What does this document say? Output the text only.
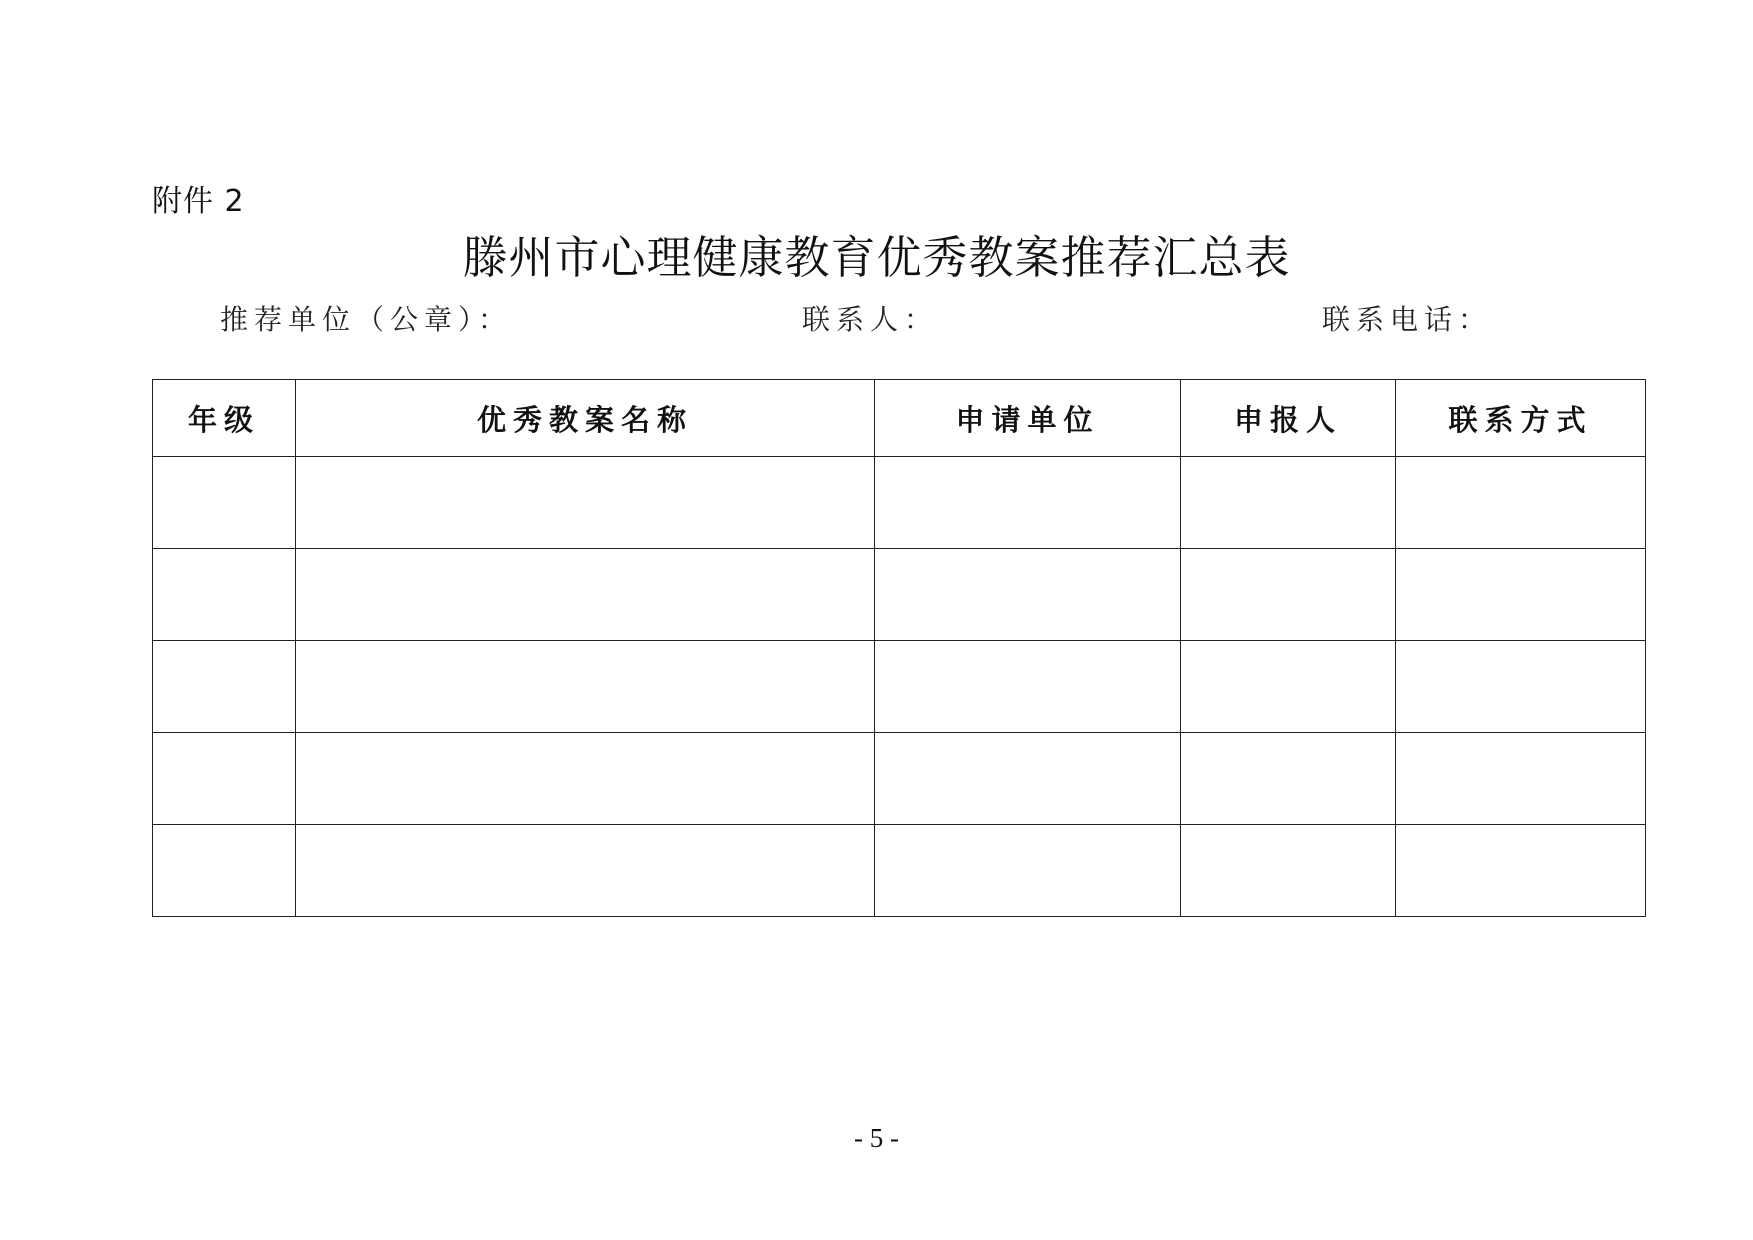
附件 2
滕州市心理健康教育优秀教案推荐汇总表
推荐单位（公章）：	联系人：	联系电话：
年级	优秀教案名称	申请单位	申报人	联系方式

- 5 -
